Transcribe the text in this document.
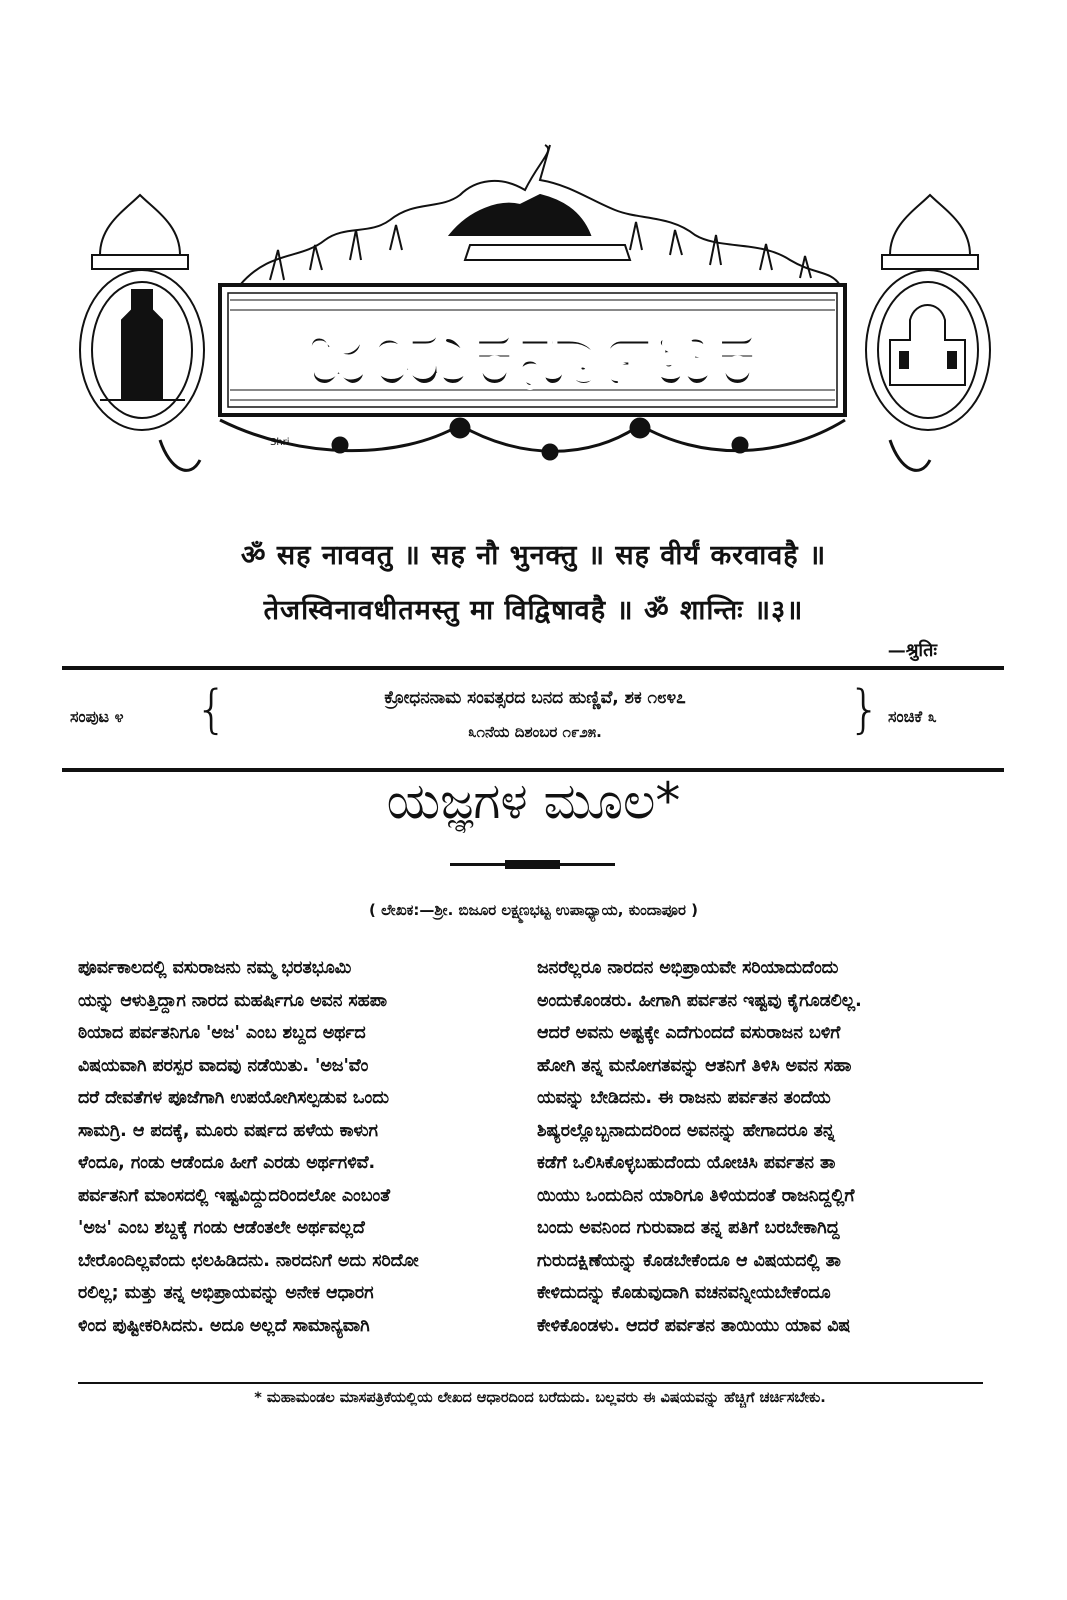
ಜಯಕರ್ನಾಟಕ
Shri
ॐ सह नाववतु ॥ सह नौ भुनक्तु ॥ सह वीर्यं करवावहै ॥
तेजस्विनावधीतमस्तु मा विद्विषावहै ॥ ॐ शान्तिः ॥३॥
—श्रुतिः
ಸಂಪುಟ ೪ {	ಕ್ರೋಧನನಾಮ ಸಂವತ್ಸರದ ಬನದ ಹುಣ್ಣಿವೆ, ಶಕ ೧೮೪೭
೩೧ನೆಯ ದಿಶಂಬರ ೧೯೨೫.	} ಸಂಚಿಕೆ ೩
ಯಜ್ಞಗಳ ಮೂಲ*
( ಲೇಖಕ:—ಶ್ರೀ. ಬಿಜೂರ ಲಕ್ಷ್ಮಣಭಟ್ಟ ಉಪಾಧ್ಯಾಯ, ಕುಂದಾಪೂರ )
ಪೂರ್ವಕಾಲದಲ್ಲಿ ವಸುರಾಜನು ನಮ್ಮ ಭರತಭೂಮಿ
ಯನ್ನು ಆಳುತ್ತಿದ್ದಾಗ ನಾರದ ಮಹರ್ಷಿಗೂ ಅವನ ಸಹಪಾ
ಠಿಯಾದ ಪರ್ವತನಿಗೂ 'ಅಜ' ಎಂಬ ಶಬ್ದದ ಅರ್ಥದ
ವಿಷಯವಾಗಿ ಪರಸ್ಪರ ವಾದವು ನಡೆಯಿತು. 'ಅಜ'ವೆಂ
ದರೆ ದೇವತೆಗಳ ಪೂಜೆಗಾಗಿ ಉಪಯೋಗಿಸಲ್ಪಡುವ ಒಂದು
ಸಾಮಗ್ರಿ. ಆ ಪದಕ್ಕೆ, ಮೂರು ವರ್ಷದ ಹಳೆಯ ಕಾಳುಗ
ಳೆಂದೂ, ಗಂಡು ಆಡೆಂದೂ ಹೀಗೆ ಎರಡು ಅರ್ಥಗಳಿವೆ.
ಪರ್ವತನಿಗೆ ಮಾಂಸದಲ್ಲಿ ಇಷ್ಟವಿದ್ದುದರಿಂದಲೋ ಎಂಬಂತೆ
'ಅಜ' ಎಂಬ ಶಬ್ದಕ್ಕೆ ಗಂಡು ಆಡೆಂತಲೇ ಅರ್ಥವಲ್ಲದೆ
ಬೇರೊಂದಿಲ್ಲವೆಂದು ಛಲಹಿಡಿದನು. ನಾರದನಿಗೆ ಅದು ಸರಿದೋ
ರಲಿಲ್ಲ; ಮತ್ತು ತನ್ನ ಅಭಿಪ್ರಾಯವನ್ನು ಅನೇಕ ಆಧಾರಗ
ಳಿಂದ ಪುಷ್ಟೀಕರಿಸಿದನು. ಅದೂ ಅಲ್ಲದೆ ಸಾಮಾನ್ಯವಾಗಿ
ಜನರೆಲ್ಲರೂ ನಾರದನ ಅಭಿಪ್ರಾಯವೇ ಸರಿಯಾದುದೆಂದು
ಅಂದುಕೊಂಡರು. ಹೀಗಾಗಿ ಪರ್ವತನ ಇಷ್ಟವು ಕೈಗೂಡಲಿಲ್ಲ.
ಆದರೆ ಅವನು ಅಷ್ಟಕ್ಕೇ ಎದೆಗುಂದದೆ ವಸುರಾಜನ ಬಳಿಗೆ
ಹೋಗಿ ತನ್ನ ಮನೋಗತವನ್ನು ಆತನಿಗೆ ತಿಳಿಸಿ ಅವನ ಸಹಾ
ಯವನ್ನು ಬೇಡಿದನು. ಈ ರಾಜನು ಪರ್ವತನ ತಂದೆಯ
ಶಿಷ್ಯರಲ್ಲೊಬ್ಬನಾದುದರಿಂದ ಅವನನ್ನು ಹೇಗಾದರೂ ತನ್ನ
ಕಡೆಗೆ ಒಲಿಸಿಕೊಳ್ಳಬಹುದೆಂದು ಯೋಚಿಸಿ ಪರ್ವತನ ತಾ
ಯಿಯು ಒಂದುದಿನ ಯಾರಿಗೂ ತಿಳಿಯದಂತೆ ರಾಜನಿದ್ದಲ್ಲಿಗೆ
ಬಂದು ಅವನಿಂದ ಗುರುವಾದ ತನ್ನ ಪತಿಗೆ ಬರಬೇಕಾಗಿದ್ದ
ಗುರುದಕ್ಷಿಣೆಯನ್ನು ಕೊಡಬೇಕೆಂದೂ ಆ ವಿಷಯದಲ್ಲಿ ತಾ
ಕೇಳಿದುದನ್ನು ಕೊಡುವುದಾಗಿ ವಚನವನ್ನೀಯಬೇಕೆಂದೂ
ಕೇಳಿಕೊಂಡಳು. ಆದರೆ ಪರ್ವತನ ತಾಯಿಯು ಯಾವ ವಿಷ
* ಮಹಾಮಂಡಲ ಮಾಸಪತ್ರಿಕೆಯಲ್ಲಿಯ ಲೇಖದ ಆಧಾರದಿಂದ ಬರೆದುದು. ಬಲ್ಲವರು ಈ ವಿಷಯವನ್ನು ಹೆಚ್ಚಿಗೆ ಚರ್ಚಿಸಬೇಕು.
